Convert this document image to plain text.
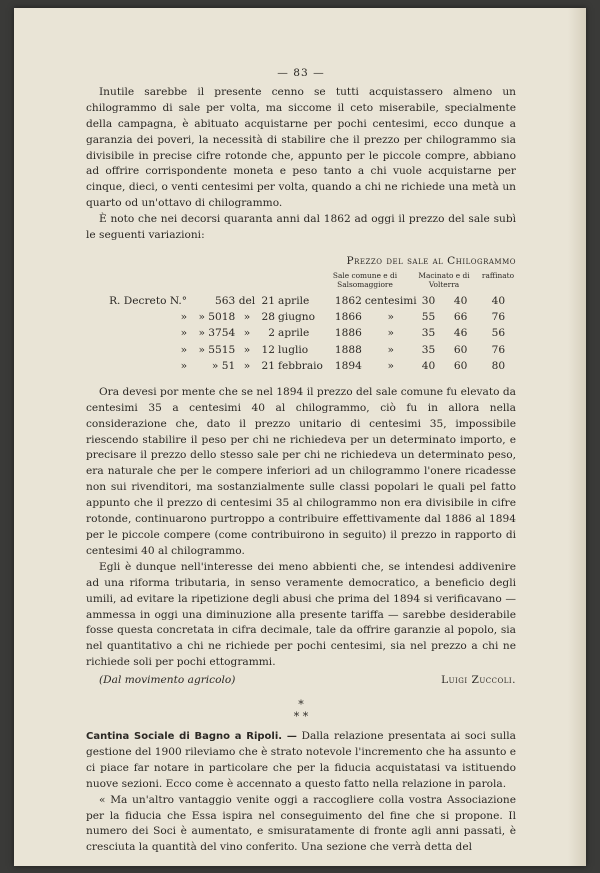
— 83 —

Inutile sarebbe il presente cenno se tutti acquistassero almeno un chilogrammo di sale per volta, ma siccome il ceto miserabile, specialmente della campagna, è abituato acquistarne per pochi centesimi, ecco dunque a garanzia dei poveri, la necessità di stabilire che il prezzo per chilogrammo sia divisibile in precise cifre rotonde che, appunto per le piccole compre, abbiano ad offrire corrispondente moneta e peso tanto a chi vuole acquistarne per cinque, dieci, o venti centesimi per volta, quando a chi ne richiede una metà un quarto od un'ottavo di chilogrammo.

È noto che nei decorsi quaranta anni dal 1862 ad oggi il prezzo del sale subì le seguenti variazioni:

Prezzo del sale al Chilogrammo
Sale comune e di Salsomaggiore
Macinato e di Volterra
raffinato
R. Decreto N.°	563	del	21	aprile	1862	centesimi	30	40	40
»	» 5018	»	28	giugno	1866	»	55	66	76
»	» 3754	»	2	aprile	1886	»	35	46	56
»	» 5515	»	12	luglio	1888	»	35	60	76
»	» 51	»	21	febbraio	1894	»	40	60	80

Ora devesi por mente che se nel 1894 il prezzo del sale comune fu elevato da centesimi 35 a centesimi 40 al chilogrammo, ciò fu in allora nella considerazione che, dato il prezzo unitario di centesimi 35, impossibile riescendo stabilire il peso per chi ne richiedeva per un determinato importo, e precisare il prezzo dello stesso sale per chi ne richiedeva un determinato peso, era naturale che per le compere inferiori ad un chilogrammo l'onere ricadesse non sui rivenditori, ma sostanzialmente sulle classi popolari le quali pel fatto appunto che il prezzo di centesimi 35 al chilogrammo non era divisibile in cifre rotonde, continuarono purtroppo a contribuire effettivamente dal 1886 al 1894 per le piccole compere (come contribuirono in seguito) il prezzo in rapporto di centesimi 40 al chilogrammo.

Egli è dunque nell'interesse dei meno abbienti che, se intendesi addivenire ad una riforma tributaria, in senso veramente democratico, a beneficio degli umili, ad evitare la ripetizione degli abusi che prima del 1894 si verificavano — ammessa in oggi una diminuzione alla presente tariffa — sarebbe desiderabile fosse questa concretata in cifra decimale, tale da offrire garanzie al popolo, sia nel quantitativo a chi ne richiede per pochi centesimi, sia nel prezzo a chi ne richiede soli per pochi ettogrammi.

(Dal movimento agricolo)	Luigi Zuccoli.
*
* *

Cantina Sociale di Bagno a Ripoli. — Dalla relazione presentata ai soci sulla gestione del 1900 rileviamo che è strato notevole l'incremento che ha assunto e ci piace far notare in particolare che per la fiducia acquistatasi va istituendo nuove sezioni. Ecco come è accennato a questo fatto nella relazione in parola.

« Ma un'altro vantaggio venite oggi a raccogliere colla vostra Associazione per la fiducia che Essa ispira nel conseguimento del fine che si propone. Il numero dei Soci è aumentato, e smisuratamente di fronte agli anni passati, è cresciuta la quantità del vino conferito. Una sezione che verrà detta del
